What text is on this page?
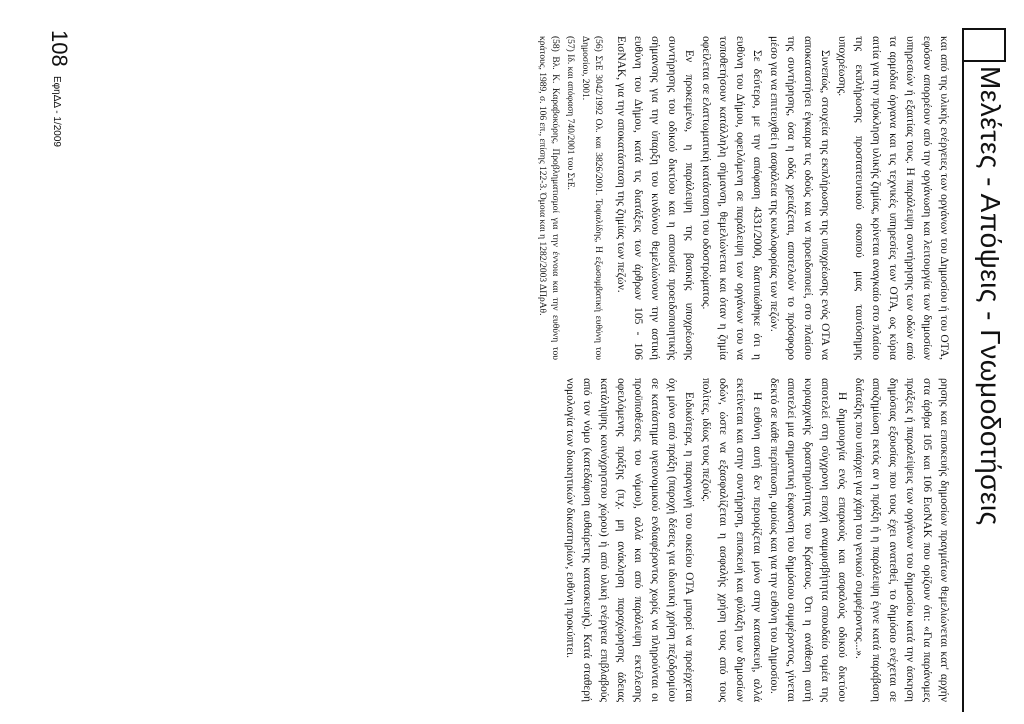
Μελέτες - Απόψεις - Γνωμοδοτήσεις

και από της υλικής ενέργειες των οργάνων του Δημοσίου ή του ΟΤΑ, εφόσον απορρέουν από την οργάνωση και λειτουργία των δημοσίων υπηρεσιών ή εξαιτίας τους. Η παράλειψη συντήρησης των οδών από τα αρμόδια όργανα και τις τεχνικές υπηρεσίες των ΟΤΑ, ως κύρια αιτία για την πρόκληση υλικής ζημίας, κρίνεται αναγκαίο στο πλαίσιο της εκπλήρωσης προστατευτικού σκοπού μιας ταυτόσημης υποχρέωσης.

Συνεπώς, στοιχεία της εκπλήρωσης της υποχρέωσης ενός ΟΤΑ να αποκαταστήσει έγκαιρα τις οδούς και να προειδοποιεί, στο πλαίσιο της συντήρησης, όσα η οδός χρειάζεται, αποτελούν το πρόσφορο μέσο για να επιτευχθεί η ασφάλεια της κυκλοφορίας των πεζών.

Σε δεύτερο, με την απόφαση 4331/2000, διατυπώθηκε ότι η ευθύνη του Δήμου, οφειλόμενη σε παράλειψη των οργάνων του να τοποθετήσουν κατάλληλη σήμανση, θεμελιώνεται και όταν η ζημία οφείλεται σε ελαττωματική κατάσταση του οδοστρώματος.

Εν προκειμένω, η παράλειψη της βασικής υποχρέωσης συντήρησης του οδικού δικτύου και η απουσία προειδοποιητικής σήμανσης για την ύπαρξη του κινδύνου θεμελιώνουν την αστική ευθύνη του Δήμου, κατά τις διατάξεις των άρθρων 105 - 106 ΕισΝΑΚ, για την αποκατάσταση της ζημίας των πεζών.

(56) ΣτΕ 3042/1992 Ολ. και 3826/2001. Τοψαλίδης, Η εξωσυμβατική ευθύνη του Δημοσίου, 2001.

(57) Ιδ. και απόφαση 740/2001 του ΣτΕ.

(58) Βλ. Κ. Καραβοκύρης, Προβληματισμοί για την έννοια και την ευθύνη του κράτους, 1989, σ. 106 επ., επίσης 122-3. Όμοια και η 1282/2003 ΔΠρΑθ.

ρησης και επισκευής δημοσίων πραγμάτων θεμελιώνεται κατ' αρχήν στα άρθρα 105 και 106 ΕισΝΑΚ που ορίζουν ότι: «Για παράνομες πράξεις ή παραλείψεις των οργάνων του δημοσίου κατά την άσκηση δημόσιας εξουσίας που τους έχει ανατεθεί, το δημόσιο ενέχεται σε αποζημίωση εκτός αν η πράξη ή η παράλειψη έγινε κατά παράβαση διάταξης που υπάρχει για χάρη του γενικού συμφέροντος...».

Η δημιουργία ενός επαρκούς και ασφαλούς οδικού δικτύου αποτελεί στη σύγχρονη εποχή αναμφισβήτητα σπουδαίο τομέα της κυριαρχικής δραστηριότητας του Κράτους. Ότι η ανάθεση αυτή αποτελεί μια σημαντική έκφανση του δημόσιου συμφέροντος, γίνεται δεκτό σε κάθε περίπτωση, ομοίως και για την ευθύνη του Δημοσίου.

Η ευθύνη αυτή δεν περιορίζεται μόνο στην κατασκευή, αλλά εκτείνεται και στην συντήρηση, επισκευή και φύλαξη των δημοσίων οδών, ώστε να εξασφαλίζεται η ασφαλής χρήση τους από τους πολίτες, ιδίως τους πεζούς.

Ειδικότερα, η παραγωγή του οικείου ΟΤΑ μπορεί να προέρχεται όχι μόνο από πράξη (παροχή δέσεις για ιδιωτική χρήση πεζοδρομίου σε κατάστημα υγειονομικού ενδιαφέροντος χωρίς να πληρούνται οι προϋποθέσεις του νόμου), αλλά και από παράλειψη εκτέλεσης οφειλόμενης πράξης (π.χ. μη ανάκληση παραχώρησης άδειας κατάληψης κοινόχρηστου χώρου) ή από υλική ενέργεια επιβλαβούς από τον νόμο (κατεδάφιση αυθαίρετης κατασκευής). Κατά σταθερή νομολογία των διοικητικών δικαστηρίων, ευθύνη προκύπτει.

108
ΕφηΔΔ - 1/2009
